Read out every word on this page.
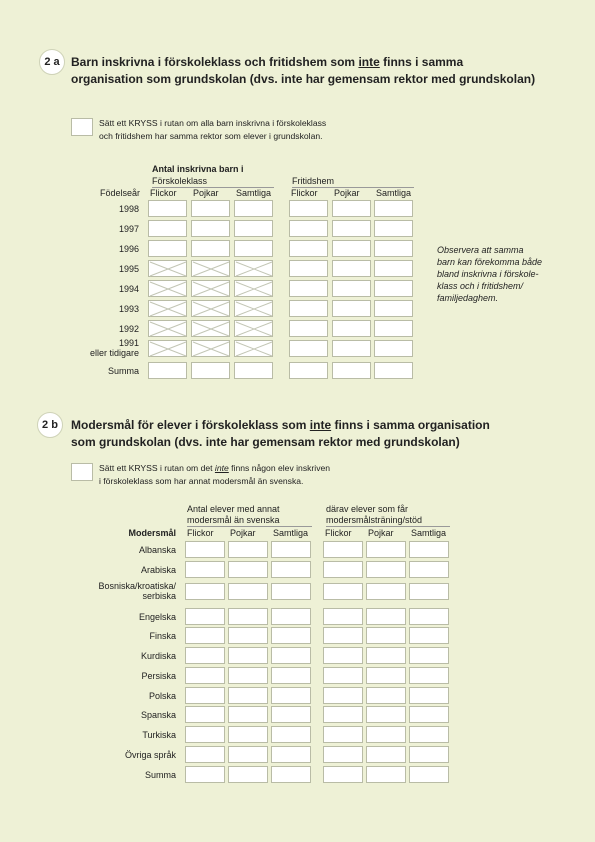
2 a Barn inskrivna i förskoleklass och fritidshem som inte finns i samma
organisation som grundskolan (dvs. inte har gemensam rektor med grundskolan)
Sätt ett KRYSS i rutan om alla barn inskrivna i förskoleklass
och fritidshem har samma rektor som elever i grundskolan.
Antal inskrivna barn i
Förskoleklass	Fritidshem
Födelseår Flickor Pojkar Samtliga Flickor Pojkar Samtliga
1998
1997
1996
1995
1994
1993
1992
1991
eller tidigare
Summa
Observera att samma
barn kan förekomma både
bland inskrivna i förskole-
klass och i fritidshem/
familjedaghem.

2 b	Modersmål för elever i förskoleklass som inte finns i samma organisation
som grundskolan (dvs. inte har gemensam rektor med grundskolan)
Sätt ett KRYSS i rutan om det inte finns någon elev inskriven
i förskoleklass som har annat modersmål än svenska.
Antal elever med annat
modersmål än svenska
därav elever som får
modersmålsträning/stöd
Modersmål Flickor Pojkar Samtliga Flickor Pojkar Samtliga
Albanska
Arabiska
Bosniska/kroatiska/
serbiska
Engelska
Finska
Kurdiska
Persiska
Polska
Spanska
Turkiska
Övriga språk
Summa
